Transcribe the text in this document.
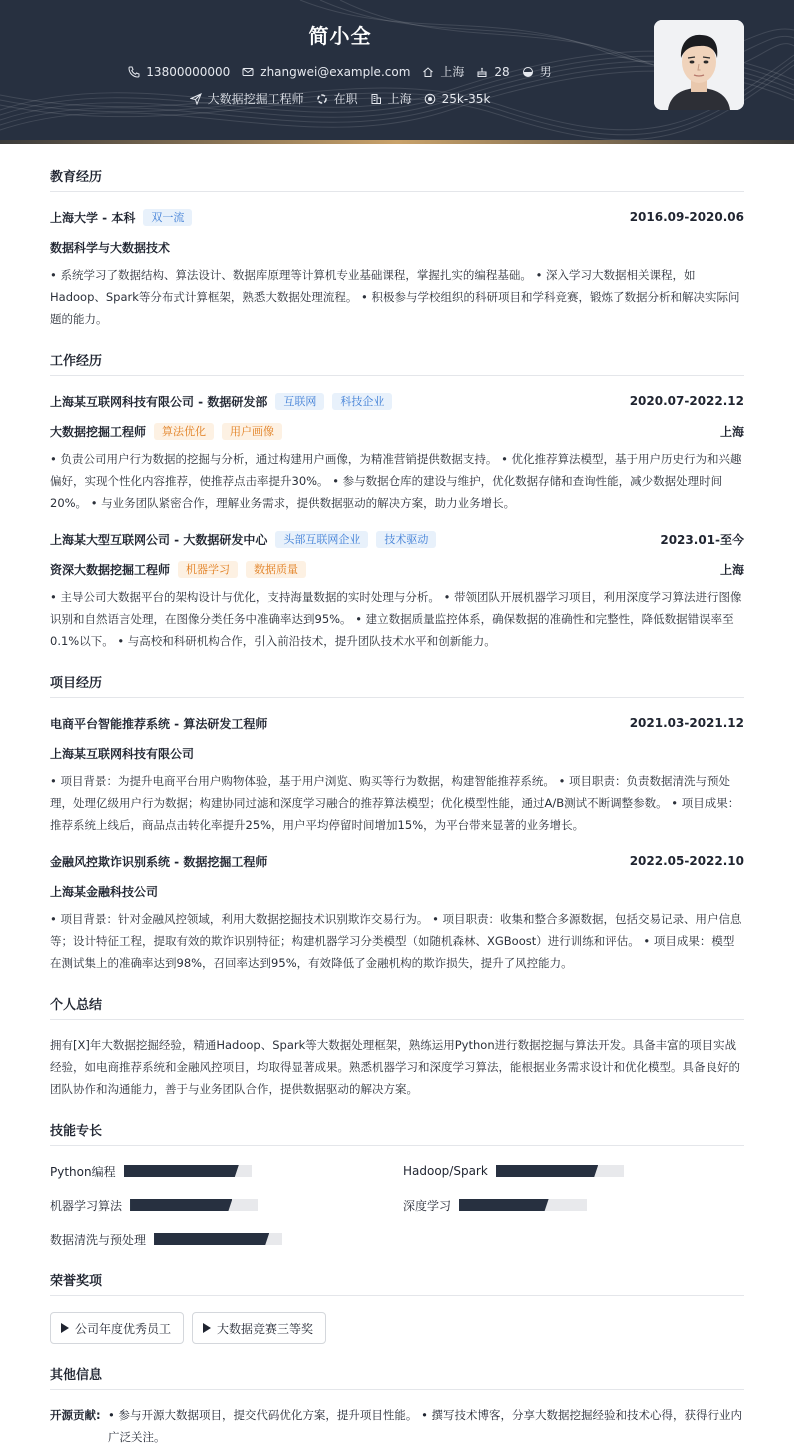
简小全
13800000000	zhangwei@example.com	上海	28	男
大数据挖掘工程师	在职	上海	25k-35k
教育经历
上海大学 - 本科	双一流	2016.09-2020.06
数据科学与大数据技术
• 系统学习了数据结构、算法设计、数据库原理等计算机专业基础课程，掌握扎实的编程基础。 • 深入学习大数据相关课程，如Hadoop、Spark等分布式计算框架，熟悉大数据处理流程。 • 积极参与学校组织的科研项目和学科竞赛，锻炼了数据分析和解决实际问题的能力。
工作经历
上海某互联网科技有限公司 - 数据研发部	互联网	科技企业	2020.07-2022.12
大数据挖掘工程师	算法优化	用户画像	上海
• 负责公司用户行为数据的挖掘与分析，通过构建用户画像，为精准营销提供数据支持。 • 优化推荐算法模型，基于用户历史行为和兴趣偏好，实现个性化内容推荐，使推荐点击率提升30%。 • 参与数据仓库的建设与维护，优化数据存储和查询性能，减少数据处理时间20%。 • 与业务团队紧密合作，理解业务需求，提供数据驱动的解决方案，助力业务增长。
上海某大型互联网公司 - 大数据研发中心	头部互联网企业	技术驱动	2023.01-至今
资深大数据挖掘工程师	机器学习	数据质量	上海
• 主导公司大数据平台的架构设计与优化，支持海量数据的实时处理与分析。 • 带领团队开展机器学习项目，利用深度学习算法进行图像识别和自然语言处理，在图像分类任务中准确率达到95%。 • 建立数据质量监控体系，确保数据的准确性和完整性，降低数据错误率至0.1%以下。 • 与高校和科研机构合作，引入前沿技术，提升团队技术水平和创新能力。
项目经历
电商平台智能推荐系统 - 算法研发工程师	2021.03-2021.12
上海某互联网科技有限公司
• 项目背景：为提升电商平台用户购物体验，基于用户浏览、购买等行为数据，构建智能推荐系统。 • 项目职责：负责数据清洗与预处理，处理亿级用户行为数据；构建协同过滤和深度学习融合的推荐算法模型；优化模型性能，通过A/B测试不断调整参数。 • 项目成果：推荐系统上线后，商品点击转化率提升25%，用户平均停留时间增加15%，为平台带来显著的业务增长。
金融风控欺诈识别系统 - 数据挖掘工程师	2022.05-2022.10
上海某金融科技公司
• 项目背景：针对金融风控领域，利用大数据挖掘技术识别欺诈交易行为。 • 项目职责：收集和整合多源数据，包括交易记录、用户信息等；设计特征工程，提取有效的欺诈识别特征；构建机器学习分类模型（如随机森林、XGBoost）进行训练和评估。 • 项目成果：模型在测试集上的准确率达到98%，召回率达到95%，有效降低了金融机构的欺诈损失，提升了风控能力。
个人总结
拥有[X]年大数据挖掘经验，精通Hadoop、Spark等大数据处理框架，熟练运用Python进行数据挖掘与算法开发。具备丰富的项目实战经验，如电商推荐系统和金融风控项目，均取得显著成果。熟悉机器学习和深度学习算法，能根据业务需求设计和优化模型。具备良好的团队协作和沟通能力，善于与业务团队合作，提供数据驱动的解决方案。
技能专长
Python编程	Hadoop/Spark
机器学习算法	深度学习
数据清洗与预处理
荣誉奖项
公司年度优秀员工	大数据竞赛三等奖
其他信息
开源贡献: • 参与开源大数据项目，提交代码优化方案，提升项目性能。 • 撰写技术博客，分享大数据挖掘经验和技术心得，获得行业内广泛关注。
